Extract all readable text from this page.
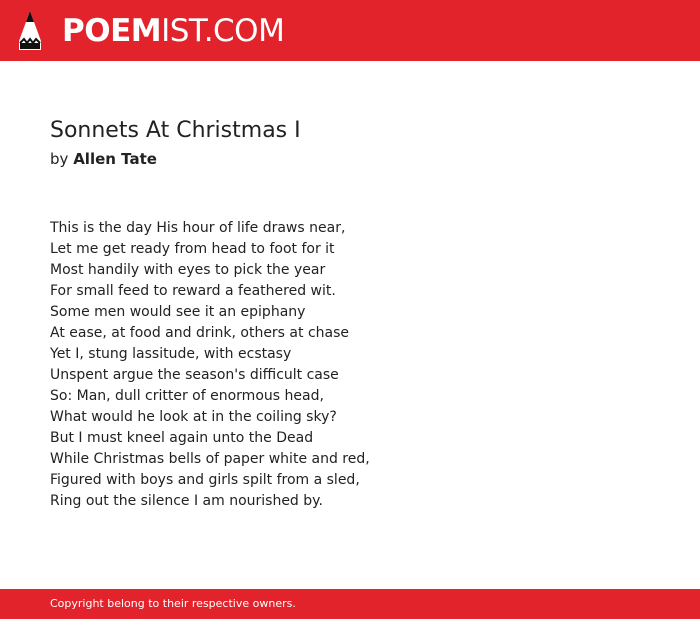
POEMIST.COM
Sonnets At Christmas I
by Allen Tate
This is the day His hour of life draws near,
Let me get ready from head to foot for it
Most handily with eyes to pick the year
For small feed to reward a feathered wit.
Some men would see it an epiphany
At ease, at food and drink, others at chase
Yet I, stung lassitude, with ecstasy
Unspent argue the season's difficult case
So: Man, dull critter of enormous head,
What would he look at in the coiling sky?
But I must kneel again unto the Dead
While Christmas bells of paper white and red,
Figured with boys and girls spilt from a sled,
Ring out the silence I am nourished by.
Copyright belong to their respective owners.
